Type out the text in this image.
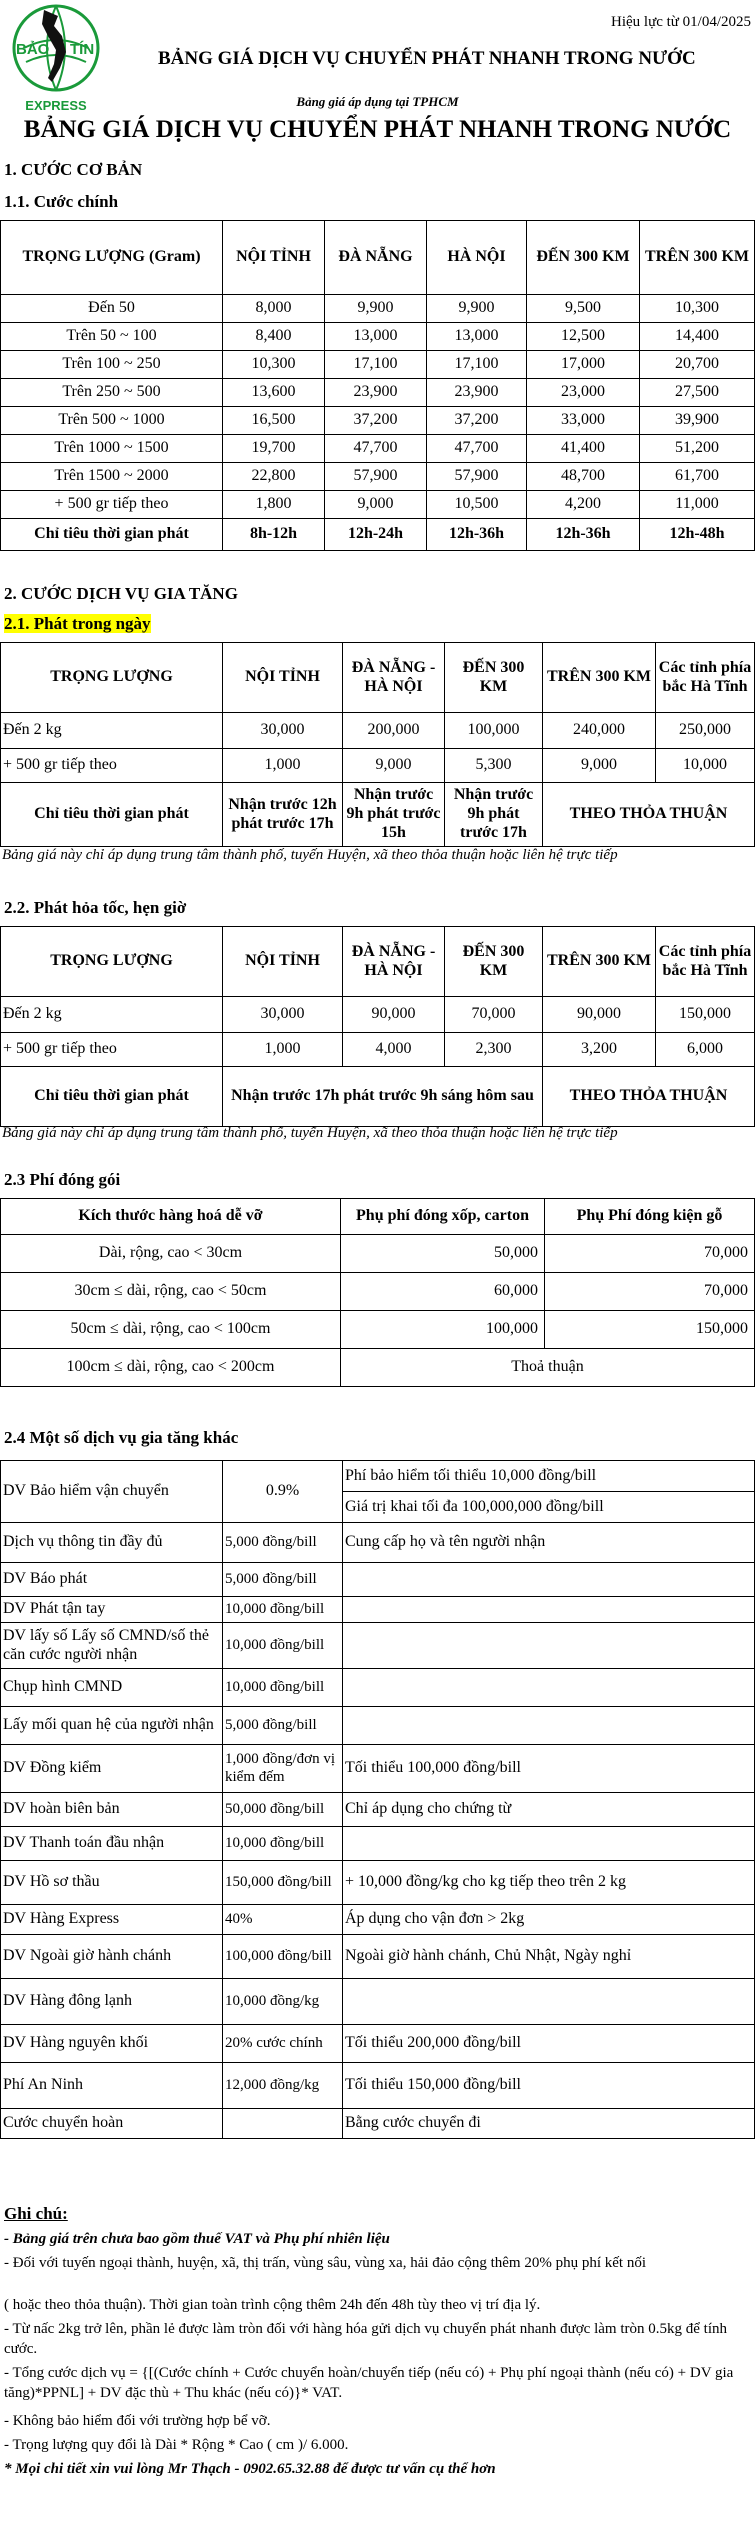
BẢO TÍN
EXPRESS
Hiệu lực từ 01/04/2025
BẢNG GIÁ DỊCH VỤ CHUYỂN PHÁT NHANH TRONG NƯỚC
Bảng giá áp dụng tại TPHCM
BẢNG GIÁ DỊCH VỤ CHUYỂN PHÁT NHANH TRONG NƯỚC
1. CƯỚC CƠ BẢN
1.1. Cước chính
TRỌNG LƯỢNG (Gram)	NỘI TỈNH	ĐÀ NẴNG	HÀ NỘI	ĐẾN 300 KM	TRÊN 300 KM
Đến 50	8,000	9,900	9,900	9,500	10,300
Trên 50 ~ 100	8,400	13,000	13,000	12,500	14,400
Trên 100 ~ 250	10,300	17,100	17,100	17,000	20,700
Trên 250 ~ 500	13,600	23,900	23,900	23,000	27,500
Trên 500 ~ 1000	16,500	37,200	37,200	33,000	39,900
Trên 1000 ~ 1500	19,700	47,700	47,700	41,400	51,200
Trên 1500 ~ 2000	22,800	57,900	57,900	48,700	61,700
+ 500 gr tiếp theo	1,800	9,000	10,500	4,200	11,000
Chỉ tiêu thời gian phát	8h-12h	12h-24h	12h-36h	12h-36h	12h-48h
2. CƯỚC DỊCH VỤ GIA TĂNG
2.1. Phát trong ngày
TRỌNG LƯỢNG	NỘI TỈNH	ĐÀ NẴNG - HÀ NỘI	ĐẾN 300 KM	TRÊN 300 KM	Các tỉnh phía bắc Hà Tĩnh
Đến 2 kg	30,000	200,000	100,000	240,000	250,000
+ 500 gr tiếp theo	1,000	9,000	5,300	9,000	10,000
Chỉ tiêu thời gian phát	Nhận trước 12h phát trước 17h	Nhận trước 9h phát trước 15h	Nhận trước 9h phát trước 17h	THEO THỎA THUẬN	
Bảng giá này chỉ áp dụng trung tâm thành phố, tuyến Huyện, xã theo thỏa thuận hoặc liên hệ trực tiếp
2.2. Phát hỏa tốc, hẹn giờ
TRỌNG LƯỢNG	NỘI TỈNH	ĐÀ NẴNG - HÀ NỘI	ĐẾN 300 KM	TRÊN 300 KM	Các tỉnh phía bắc Hà Tĩnh
Đến 2 kg	30,000	90,000	70,000	90,000	150,000
+ 500 gr tiếp theo	1,000	4,000	2,300	3,200	6,000
Chỉ tiêu thời gian phát	Nhận trước 17h phát trước 9h sáng hôm sau			THEO THỎA THUẬN	
Bảng giá này chỉ áp dụng trung tâm thành phố, tuyến Huyện, xã theo thỏa thuận hoặc liên hệ trực tiếp
2.3 Phí đóng gói
Kích thước hàng hoá dễ vỡ	Phụ phí đóng xốp, carton	Phụ Phí đóng kiện gỗ
Dài, rộng, cao < 30cm	50,000	70,000
30cm ≤ dài, rộng, cao < 50cm	60,000	70,000
50cm ≤ dài, rộng, cao < 100cm	100,000	150,000
100cm ≤ dài, rộng, cao < 200cm	Thoả thuận	
2.4 Một số dịch vụ gia tăng khác
DV Bảo hiểm vận chuyển	0.9%	Phí bảo hiểm tối thiểu 10,000 đồng/bill
		Giá trị khai tối đa 100,000,000 đồng/bill
Dịch vụ thông tin đầy đủ	5,000 đồng/bill	Cung cấp họ và tên người nhận
DV Báo phát	5,000 đồng/bill	
DV Phát tận tay	10,000 đồng/bill	
DV lấy số Lấy số CMND/số thẻ căn cước người nhận	10,000 đồng/bill	
Chụp hình CMND	10,000 đồng/bill	
Lấy mối quan hệ của người nhận	5,000 đồng/bill	
DV Đồng kiểm	1,000 đồng/đơn vị kiểm đếm	Tối thiểu 100,000 đồng/bill
DV hoàn biên bản	50,000 đồng/bill	Chỉ áp dụng cho chứng từ
DV Thanh toán đầu nhận	10,000 đồng/bill	
DV Hồ sơ thầu	150,000 đồng/bill	+ 10,000 đồng/kg cho kg tiếp theo trên 2 kg
DV Hàng Express	40%	Áp dụng cho vận đơn > 2kg
DV Ngoài giờ hành chánh	100,000 đồng/bill	Ngoài giờ hành chánh, Chủ Nhật, Ngày nghỉ
DV Hàng đông lạnh	10,000 đồng/kg	
DV Hàng nguyên khối	20% cước chính	Tối thiểu 200,000 đồng/bill
Phí An Ninh	12,000 đồng/kg	Tối thiểu 150,000 đồng/bill
Cước chuyển hoàn		Bằng cước chuyển đi
Ghi chú:
- Bảng giá trên chưa bao gồm thuế VAT và Phụ phí nhiên liệu
- Đối với tuyến ngoại thành, huyện, xã, thị trấn, vùng sâu, vùng xa, hải đảo cộng thêm 20% phụ phí kết nối
( hoặc theo thỏa thuận). Thời gian toàn trình cộng thêm 24h đến 48h tùy theo vị trí địa lý.
- Từ nấc 2kg trở lên, phần lẻ được làm tròn đối với hàng hóa gửi dịch vụ chuyển phát nhanh được làm tròn 0.5kg để tính cước.
- Tổng cước dịch vụ = {[(Cước chính + Cước chuyển hoàn/chuyển tiếp (nếu có) + Phụ phí ngoại thành (nếu có) + DV gia tăng)*PPNL] + DV đặc thù + Thu khác (nếu có)}* VAT.
- Không bảo hiểm đối với trường hợp bể vỡ.
- Trọng lượng quy đổi là Dài * Rộng * Cao ( cm )/ 6.000.
* Mọi chi tiết xin vui lòng Mr Thạch - 0902.65.32.88 để được tư vấn cụ thể hơn
